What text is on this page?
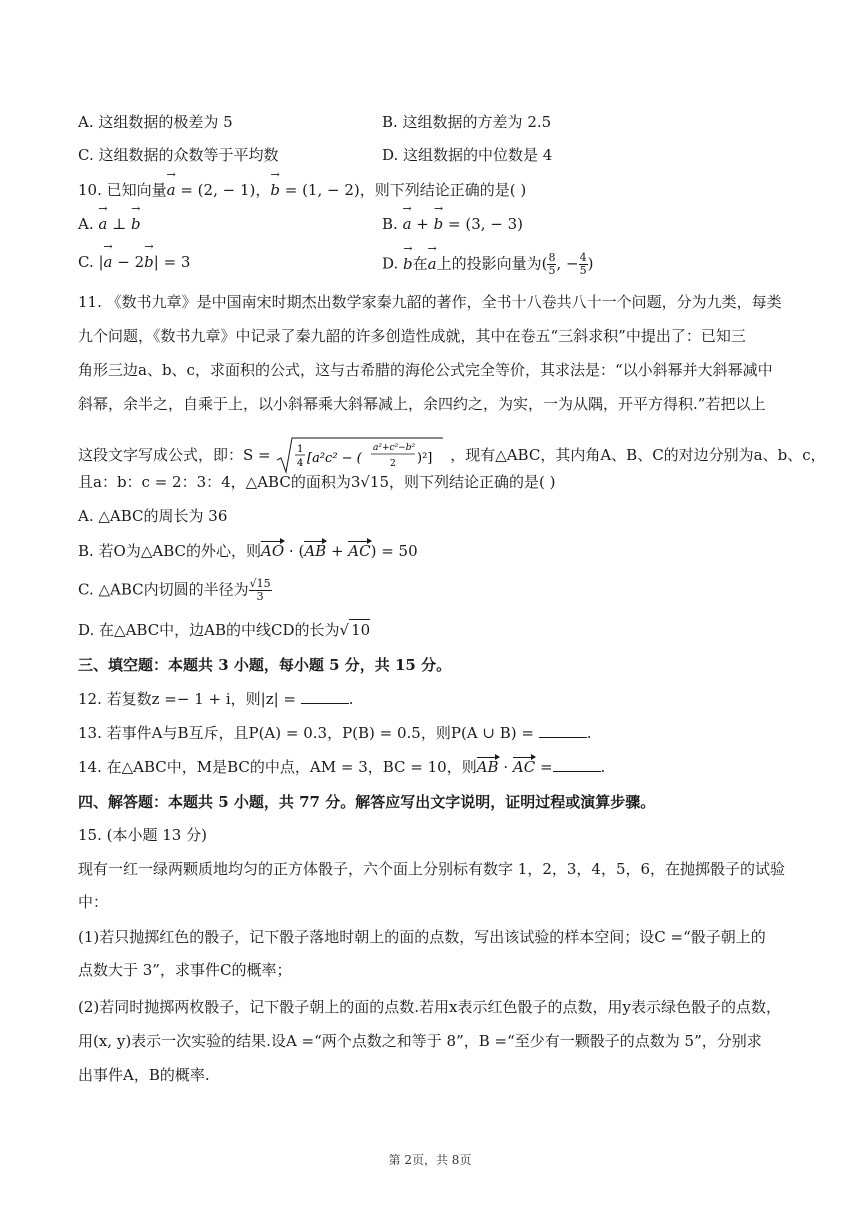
A. 这组数据的极差为 5	B. 这组数据的方差为 2.5
C. 这组数据的众数等于平均数	D. 这组数据的中位数是 4
10. 已知向量→ a = (2, − 1)，→ b = (1, − 2)，则下列结论正确的是( )
A. → a ⊥ → b	B. → a + → b = (3, − 3)
C. |→ a − 2→ b| = 3	D. → b在→ a上的投影向量为( $\frac{8}{5}$ , − $\frac{4}{5}$ )
11. 《数书九章》是中国南宋时期杰出数学家秦九韶的著作，全书十八卷共八十一个问题，分为九类，每类
九个问题，《数书九章》中记录了秦九韶的许多创造性成就，其中在卷五“三斜求积”中提出了：已知三
角形三边a、b、c，求面积的公式，这与古希腊的海伦公式完全等价，其求法是：“以小斜幂并大斜幂减中
斜幂，余半之，自乘于上，以小斜幂乘大斜幂减上，余四约之，为实，一为从隅，开平方得积.”若把以上
这段文字写成公式，即：S =	1
4 [a²c² − (
a²+c²−b²
2 )²] ，现有△ABC，其内角A、B、C的对边分别为a、b、c，
且a：b：c = 2：3：4，△ABC的面积为3√15，则下列结论正确的是( )
A. △ABC的周长为 36
B. 若O为△ABC的外心，则AO · (AB + AC) = 50
C. △ABC内切圆的半径为 $\frac{√15}{3}$
D. 在△ABC中，边AB的中线CD的长为√ 10
三、填空题：本题共 3 小题，每小题 5 分，共 15 分。
12. 若复数z =− 1 + i，则|z| =	.
13. 若事件A与B互斥，且P(A) = 0.3，P(B) = 0.5，则P(A ∪ B) =	.
14. 在△ABC中，M是BC的中点，AM = 3，BC = 10，则AB · AC =	.
四、解答题：本题共 5 小题，共 77 分。解答应写出文字说明，证明过程或演算步骤。
15. (本小题 13 分)
现有一红一绿两颗质地均匀的正方体骰子，六个面上分别标有数字 1，2，3，4，5，6，在抛掷骰子的试验
中：
(1)若只抛掷红色的骰子，记下骰子落地时朝上的面的点数，写出该试验的样本空间；设C =“骰子朝上的
点数大于 3”，求事件C的概率；
(2)若同时抛掷两枚骰子，记下骰子朝上的面的点数.若用x表示红色骰子的点数，用y表示绿色骰子的点数，
用(x, y)表示一次实验的结果.设A =“两个点数之和等于 8”，B =“至少有一颗骰子的点数为 5”，分别求
出事件A，B的概率.
第 2页，共 8页
